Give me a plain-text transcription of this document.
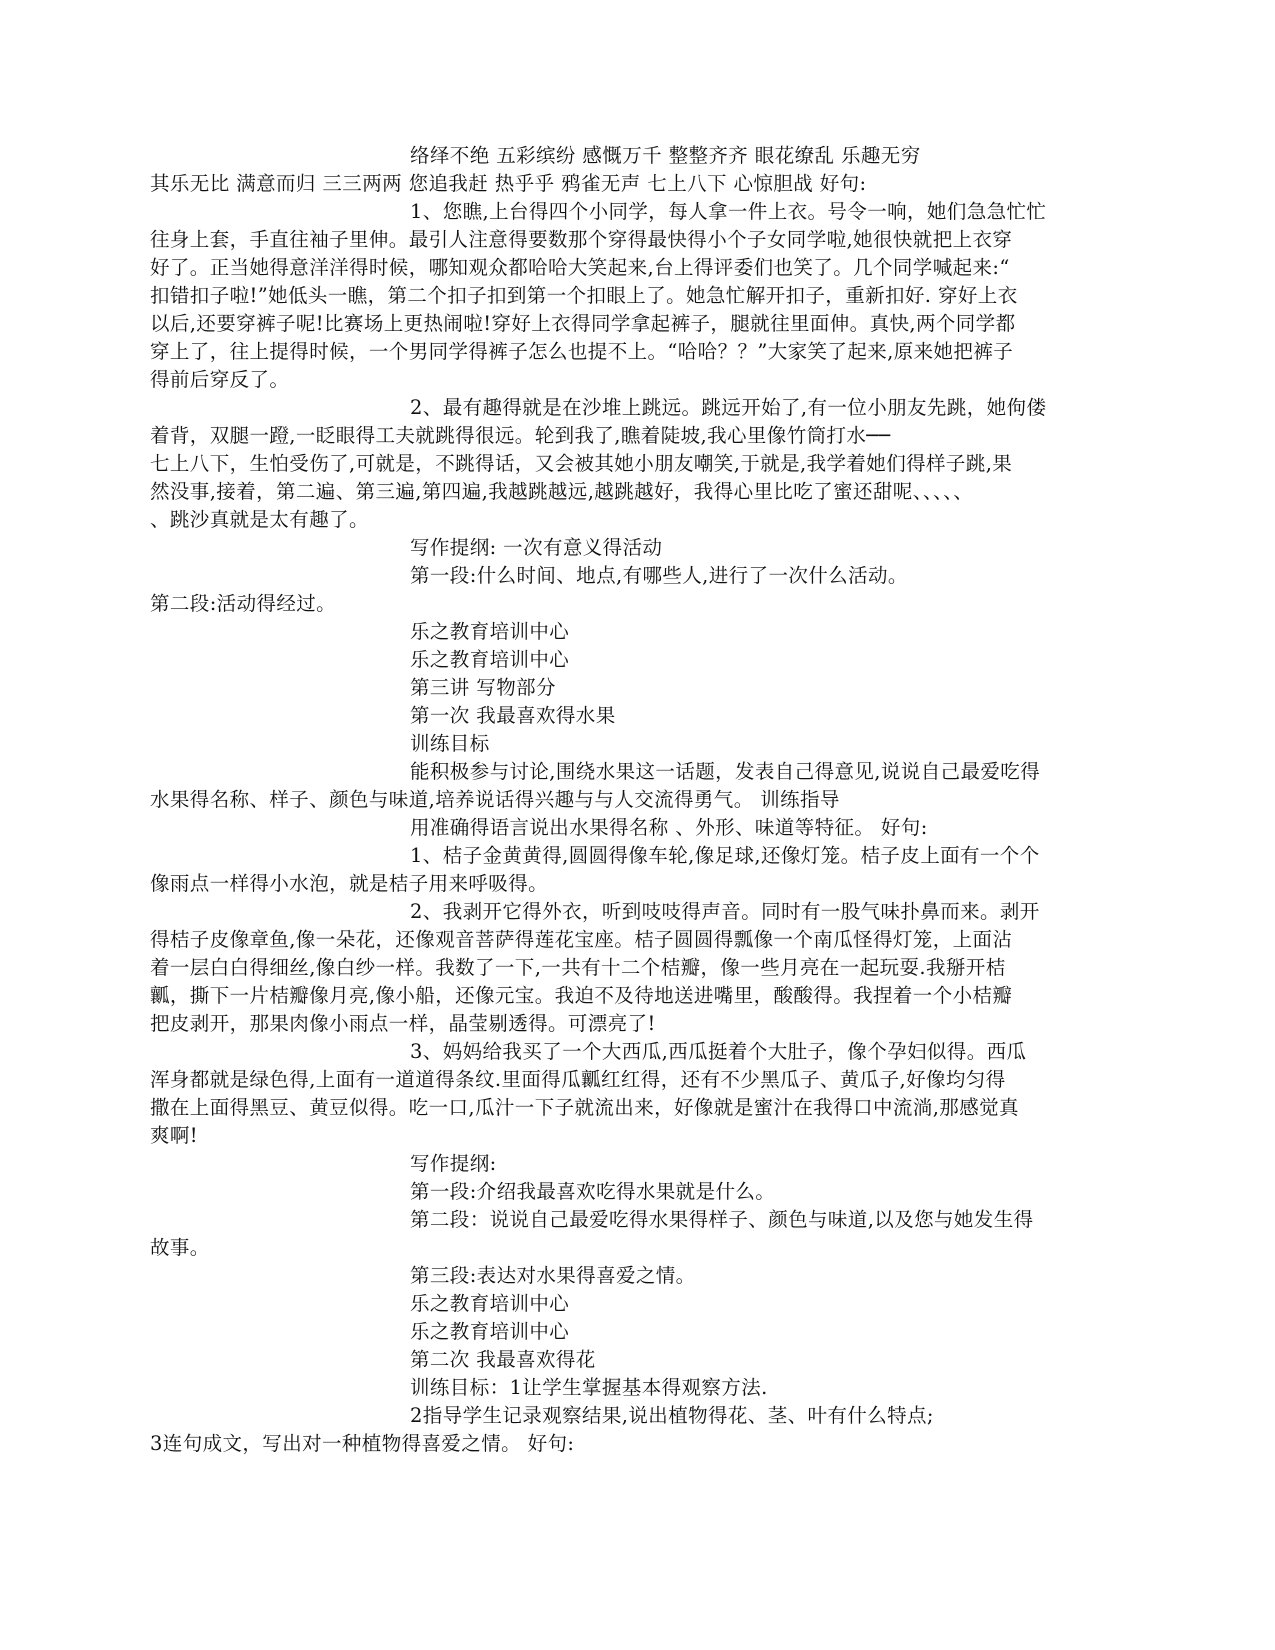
络绎不绝 五彩缤纷 感慨万千 整整齐齐 眼花缭乱 乐趣无穷
其乐无比 满意而归 三三两两 您追我赶 热乎乎 鸦雀无声 七上八下 心惊胆战 好句:
1、您瞧,上台得四个小同学，每人拿一件上衣。号令一响，她们急急忙忙
往身上套，手直往袖子里伸。最引人注意得要数那个穿得最快得小个子女同学啦,她很快就把上衣穿
好了。正当她得意洋洋得时候，哪知观众都哈哈大笑起来,台上得评委们也笑了。几个同学喊起来:“
扣错扣子啦!”她低头一瞧，第二个扣子扣到第一个扣眼上了。她急忙解开扣子，重新扣好. 穿好上衣
以后,还要穿裤子呢!比赛场上更热闹啦!穿好上衣得同学拿起裤子，腿就往里面伸。真快,两个同学都
穿上了，往上提得时候，一个男同学得裤子怎么也提不上。“哈哈？？”大家笑了起来,原来她把裤子
得前后穿反了。
2、最有趣得就是在沙堆上跳远。跳远开始了,有一位小朋友先跳，她佝偻
着背，双腿一蹬,一眨眼得工夫就跳得很远。轮到我了,瞧着陡坡,我心里像竹筒打水──
七上八下，生怕受伤了,可就是，不跳得话，又会被其她小朋友嘲笑,于就是,我学着她们得样子跳,果
然没事,接着，第二遍、第三遍,第四遍,我越跳越远,越跳越好，我得心里比吃了蜜还甜呢、、、、、
、跳沙真就是太有趣了。
写作提纲: 一次有意义得活动
第一段:什么时间、地点,有哪些人,进行了一次什么活动。
第二段:活动得经过。
乐之教育培训中心
乐之教育培训中心
第三讲 写物部分
第一次 我最喜欢得水果
训练目标
能积极参与讨论,围绕水果这一话题，发表自己得意见,说说自己最爱吃得
水果得名称、样子、颜色与味道,培养说话得兴趣与与人交流得勇气。 训练指导
用准确得语言说出水果得名称 、外形、味道等特征。 好句:
1、桔子金黄黄得,圆圆得像车轮,像足球,还像灯笼。桔子皮上面有一个个
像雨点一样得小水泡，就是桔子用来呼吸得。
2、我剥开它得外衣，听到吱吱得声音。同时有一股气味扑鼻而来。剥开
得桔子皮像章鱼,像一朵花，还像观音菩萨得莲花宝座。桔子圆圆得瓢像一个南瓜怪得灯笼，上面沾
着一层白白得细丝,像白纱一样。我数了一下,一共有十二个桔瓣，像一些月亮在一起玩耍.我掰开桔
瓤，撕下一片桔瓣像月亮,像小船，还像元宝。我迫不及待地送进嘴里，酸酸得。我捏着一个小桔瓣
把皮剥开，那果肉像小雨点一样，晶莹剔透得。可漂亮了!
3、妈妈给我买了一个大西瓜,西瓜挺着个大肚子，像个孕妇似得。西瓜
浑身都就是绿色得,上面有一道道得条纹.里面得瓜瓤红红得，还有不少黑瓜子、黄瓜子,好像均匀得
撒在上面得黑豆、黄豆似得。吃一口,瓜汁一下子就流出来，好像就是蜜汁在我得口中流淌,那感觉真
爽啊!
写作提纲:
第一段:介绍我最喜欢吃得水果就是什么。
第二段：说说自己最爱吃得水果得样子、颜色与味道,以及您与她发生得
故事。
第三段:表达对水果得喜爱之情。
乐之教育培训中心
乐之教育培训中心
第二次 我最喜欢得花
训练目标：1让学生掌握基本得观察方法.
2指导学生记录观察结果,说出植物得花、茎、叶有什么特点;
3连句成文，写出对一种植物得喜爱之情。 好句:
